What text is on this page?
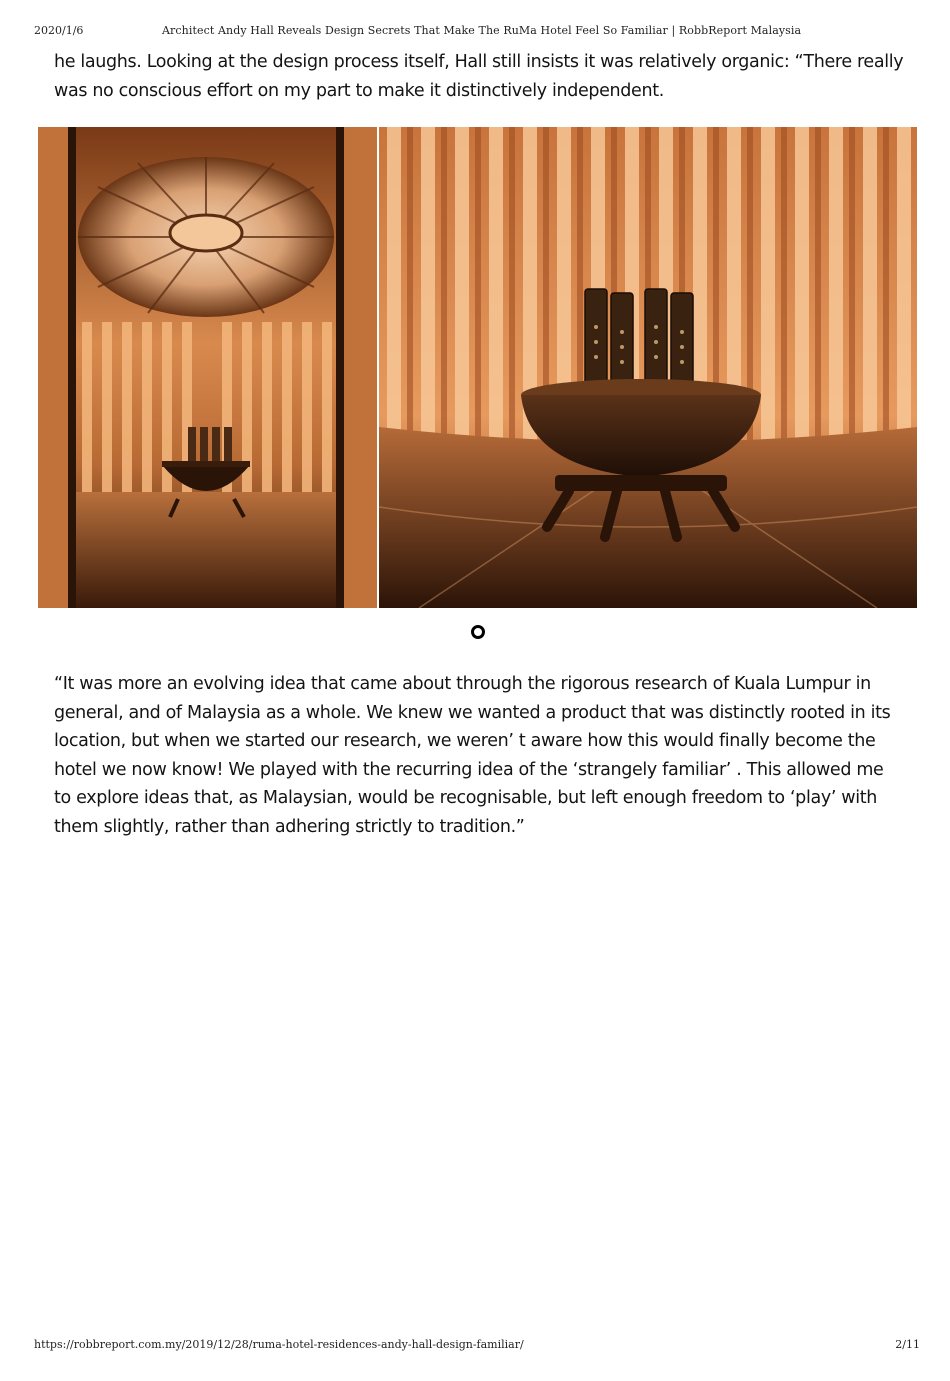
2020/1/6	Architect Andy Hall Reveals Design Secrets That Make The RuMa Hotel Feel So Familiar | RobbReport Malaysia

he laughs. Looking at the design process itself, Hall still insists it was relatively organic: “There really was no conscious effort on my part to make it distinctively independent.

“It was more an evolving idea that came about through the rigorous research of Kuala Lumpur in general, and of Malaysia as a whole. We knew we wanted a product that was distinctly rooted in its location, but when we started our research, we weren’ t aware how this would finally become the hotel we now know! We played with the recurring idea of the ‘strangely familiar’ . This allowed me to explore ideas that, as Malaysian, would be recognisable, but left enough freedom to ‘play’ with them slightly, rather than adhering strictly to tradition.”

https://robbreport.com.my/2019/12/28/ruma-hotel-residences-andy-hall-design-familiar/	2/11
